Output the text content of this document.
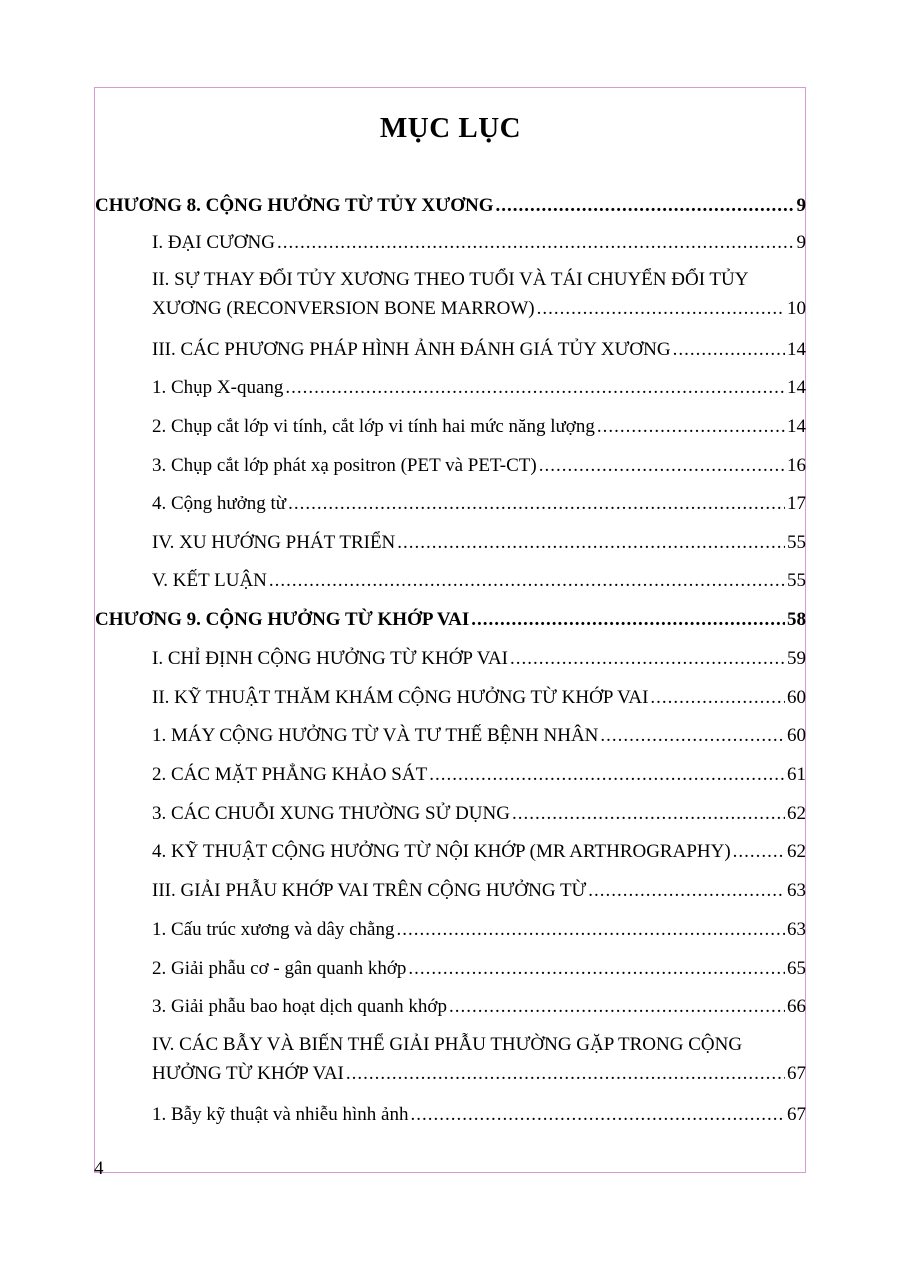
MỤC LỤC
CHƯƠNG 8. CỘNG HƯỞNG TỪ TỦY XƯƠNG .....	9
I. ĐẠI CƯƠNG .....	9
II. SỰ THAY ĐỔI TỦY XƯƠNG THEO TUỔI VÀ TÁI CHUYỂN ĐỔI TỦY
XƯƠNG (RECONVERSION BONE MARROW) .....	10
III. CÁC PHƯƠNG PHÁP HÌNH ẢNH ĐÁNH GIÁ TỦY XƯƠNG .....	14
1. Chụp X-quang .....	14
2. Chụp cắt lớp vi tính, cắt lớp vi tính hai mức năng lượng .....	14
3. Chụp cắt lớp phát xạ positron (PET và PET-CT) .....	16
4. Cộng hưởng từ .....	17
IV. XU HƯỚNG PHÁT TRIỂN .....	55
V. KẾT LUẬN .....	55
CHƯƠNG 9. CỘNG HƯỞNG TỪ KHỚP VAI .....	58
I. CHỈ ĐỊNH CỘNG HƯỞNG TỪ KHỚP VAI .....	59
II. KỸ THUẬT THĂM KHÁM CỘNG HƯỞNG TỪ KHỚP VAI .....	60
1. MÁY CỘNG HƯỞNG TỪ VÀ TƯ THẾ BỆNH NHÂN .....	60
2. CÁC MẶT PHẲNG KHẢO SÁT .....	61
3. CÁC CHUỖI XUNG THƯỜNG SỬ DỤNG .....	62
4. KỸ THUẬT CỘNG HƯỞNG TỪ NỘI KHỚP (MR ARTHROGRAPHY) .....	62
III. GIẢI PHẪU KHỚP VAI TRÊN CỘNG HƯỞNG TỪ .....	63
1. Cấu trúc xương và dây chằng .....	63
2. Giải phẫu cơ - gân quanh khớp .....	65
3. Giải phẫu bao hoạt dịch quanh khớp .....	66
IV. CÁC BẪY VÀ BIẾN THỂ GIẢI PHẪU THƯỜNG GẶP TRONG CỘNG
HƯỞNG TỪ KHỚP VAI .....	67
1. Bẫy kỹ thuật và nhiễu hình ảnh .....	67
4
